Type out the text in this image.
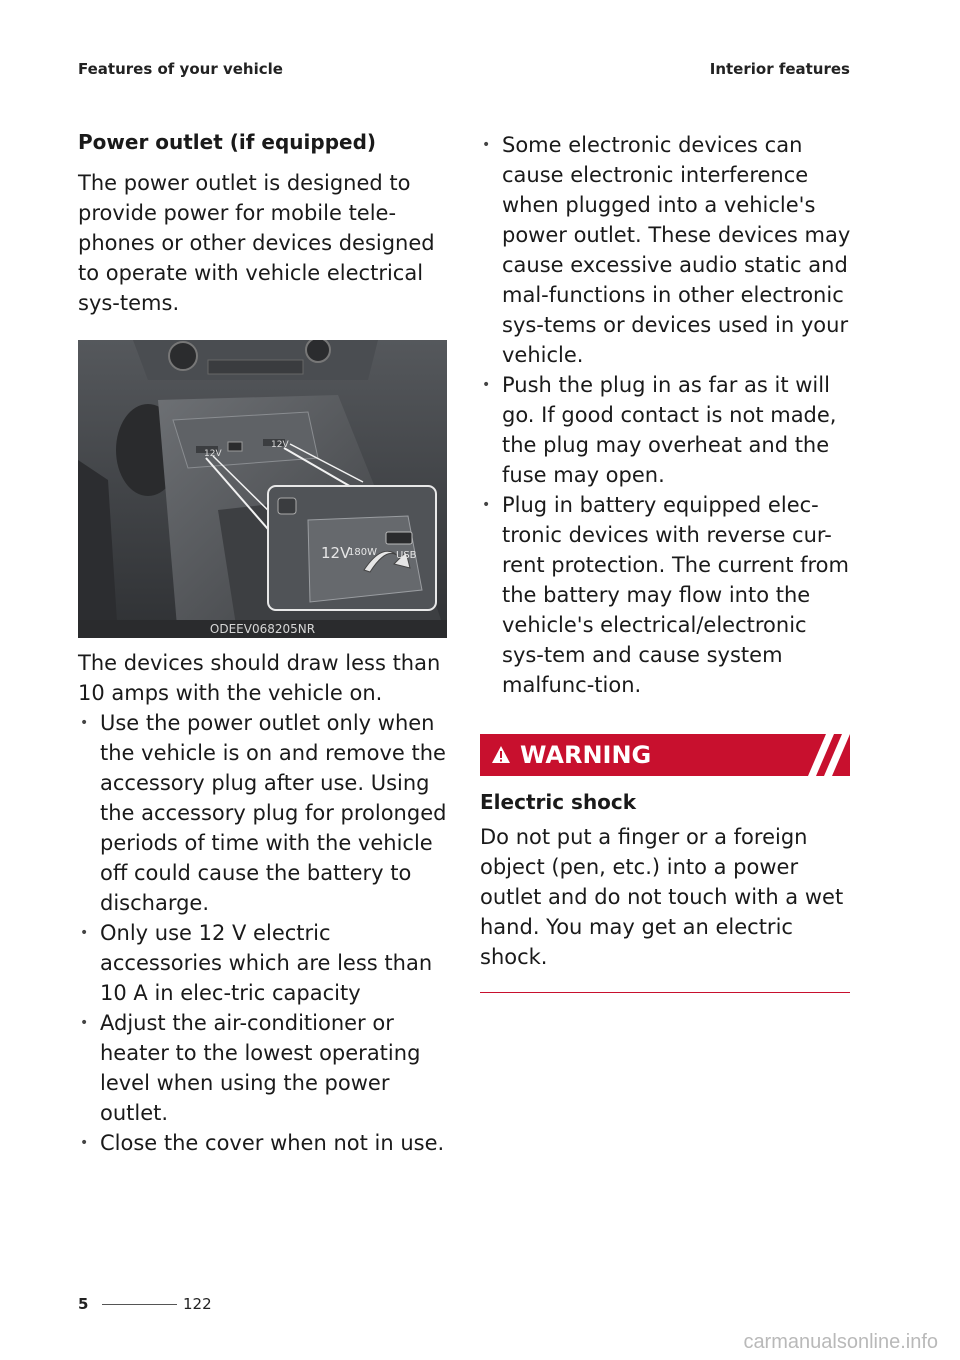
Features of your vehicle	Interior features
Power outlet (if equipped)

The power outlet is designed to provide power for mobile tele-phones or other devices designed to operate with vehicle electrical sys-tems.

12V
12V
12V
180W USB
ODEEV068205NR

The devices should draw less than 10 amps with the vehicle on.

• Use the power outlet only when the vehicle is on and remove the accessory plug after use. Using the accessory plug for prolonged periods of time with the vehicle off could cause the battery to discharge.
• Only use 12 V electric accessories which are less than 10 A in elec-tric capacity
• Adjust the air-conditioner or heater to the lowest operating level when using the power outlet.
• Close the cover when not in use.
• Some electronic devices can cause electronic interference when plugged into a vehicle's power outlet. These devices may cause excessive audio static and mal-functions in other electronic sys-tems or devices used in your vehicle.
• Push the plug in as far as it will go. If good contact is not made, the plug may overheat and the fuse may open.
• Plug in battery equipped elec-tronic devices with reverse cur-rent protection. The current from the battery may flow into the vehicle's electrical/electronic sys-tem and cause system malfunc-tion.
WARNING
Electric shock

Do not put a finger or a foreign object (pen, etc.) into a power outlet and do not touch with a wet hand. You may get an electric shock.

5	122
carmanualsonline.info
